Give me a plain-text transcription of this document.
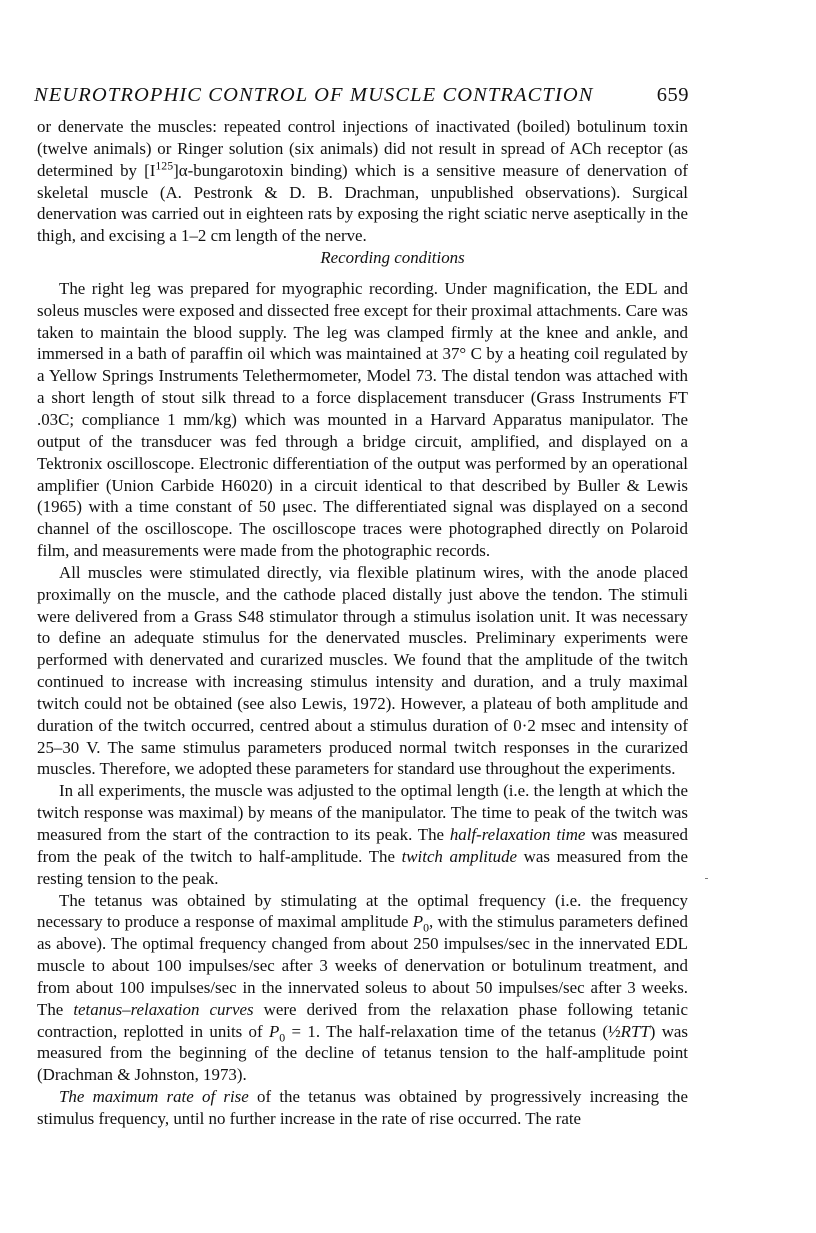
NEUROTROPHIC CONTROL OF MUSCLE CONTRACTION	659

or denervate the muscles: repeated control injections of inactivated (boiled) botulinum toxin (twelve animals) or Ringer solution (six animals) did not result in spread of ACh receptor (as determined by $[I^{125}]\alpha$-bungarotoxin binding) which is a sensitive measure of denervation of skeletal muscle (A. Pestronk & D. B. Drachman, unpublished observations). Surgical denervation was carried out in eighteen rats by exposing the right sciatic nerve aseptically in the thigh, and excising a 1–2 cm length of the nerve.

Recording conditions

The right leg was prepared for myographic recording. Under magnification, the EDL and soleus muscles were exposed and dissected free except for their proximal attachments. Care was taken to maintain the blood supply. The leg was clamped firmly at the knee and ankle, and immersed in a bath of paraffin oil which was maintained at 37° C by a heating coil regulated by a Yellow Springs Instruments Telethermometer, Model 73. The distal tendon was attached with a short length of stout silk thread to a force displacement transducer (Grass Instruments FT .03C; compliance 1 mm/kg) which was mounted in a Harvard Apparatus manipulator. The output of the transducer was fed through a bridge circuit, amplified, and displayed on a Tektronix oscilloscope. Electronic differentiation of the output was performed by an operational amplifier (Union Carbide H6020) in a circuit identical to that described by Buller & Lewis (1965) with a time constant of 50 μsec. The differentiated signal was displayed on a second channel of the oscilloscope. The oscilloscope traces were photographed directly on Polaroid film, and measurements were made from the photographic records.

All muscles were stimulated directly, via flexible platinum wires, with the anode placed proximally on the muscle, and the cathode placed distally just above the tendon. The stimuli were delivered from a Grass S48 stimulator through a stimulus isolation unit. It was necessary to define an adequate stimulus for the denervated muscles. Preliminary experiments were performed with denervated and curarized muscles. We found that the amplitude of the twitch continued to increase with increasing stimulus intensity and duration, and a truly maximal twitch could not be obtained (see also Lewis, 1972). However, a plateau of both amplitude and duration of the twitch occurred, centred about a stimulus duration of 0·2 msec and intensity of 25–30 V. The same stimulus parameters produced normal twitch responses in the curarized muscles. Therefore, we adopted these parameters for standard use throughout the experiments.

In all experiments, the muscle was adjusted to the optimal length (i.e. the length at which the twitch response was maximal) by means of the manipulator. The time to peak of the twitch was measured from the start of the contraction to its peak. The half-relaxation time was measured from the peak of the twitch to half-amplitude. The twitch amplitude was measured from the resting tension to the peak.

The tetanus was obtained by stimulating at the optimal frequency (i.e. the frequency necessary to produce a response of maximal amplitude $P_0$, with the stimulus parameters defined as above). The optimal frequency changed from about 250 impulses/sec in the innervated EDL muscle to about 100 impulses/sec after 3 weeks of denervation or botulinum treatment, and from about 100 impulses/sec in the innervated soleus to about 50 impulses/sec after 3 weeks. The tetanus–relaxation curves were derived from the relaxation phase following tetanic contraction, replotted in units of $P_0 = 1$. The half-relaxation time of the tetanus (½RTT) was measured from the beginning of the decline of tetanus tension to the half-amplitude point (Drachman & Johnston, 1973).

The maximum rate of rise of the tetanus was obtained by progressively increasing the stimulus frequency, until no further increase in the rate of rise occurred. The rate
